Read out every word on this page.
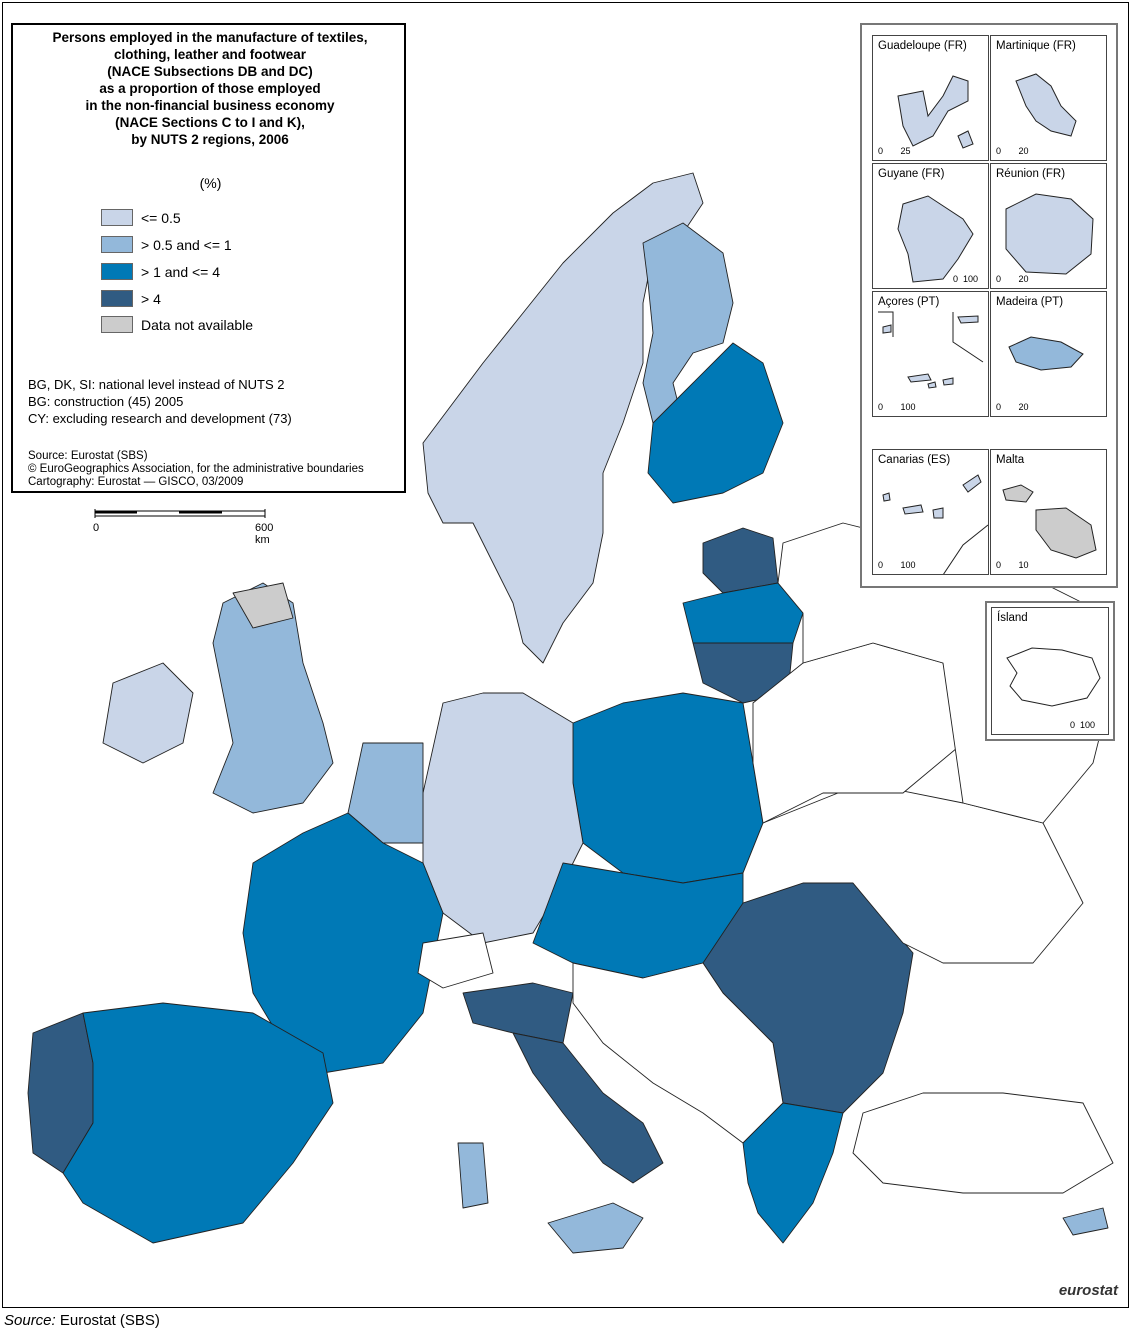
Persons employed in the manufacture of textiles,
clothing, leather and footwear
(NACE Subsections DB and DC)
as a proportion of those employed
in the non-financial business economy
(NACE Sections C to I and K),
by NUTS 2 regions, 2006
(%)
<= 0.5
> 0.5 and <= 1
> 1 and <= 4
> 4
Data not available
BG, DK, SI: national level instead of NUTS 2
BG: construction (45) 2005
CY: excluding research and development (73)
Source: Eurostat (SBS)
© EuroGeographics Association, for the administrative boundaries
Cartography: Eurostat — GISCO, 03/2009
0	600 km
Guadeloupe (FR)
0 25
Martinique (FR)
0 20
Guyane (FR)
0 100
Réunion (FR)
0 20
Açores (PT)
0 100
Madeira (PT)
0 20
Canarias (ES)
0 100
Malta
0 10
Ísland
0 100
eurostat
Source: Eurostat (SBS)
